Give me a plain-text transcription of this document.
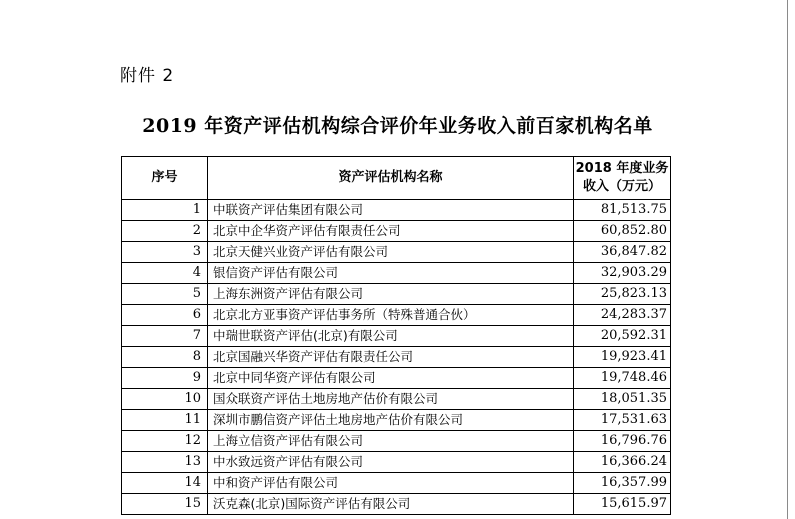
附件 2
2019 年资产评估机构综合评价年业务收入前百家机构名单
序号	资产评估机构名称	2018 年度业务收入（万元）
1	中联资产评估集团有限公司	81,513.75
2	北京中企华资产评估有限责任公司	60,852.80
3	北京天健兴业资产评估有限公司	36,847.82
4	银信资产评估有限公司	32,903.29
5	上海东洲资产评估有限公司	25,823.13
6	北京北方亚事资产评估事务所（特殊普通合伙）	24,283.37
7	中瑞世联资产评估(北京)有限公司	20,592.31
8	北京国融兴华资产评估有限责任公司	19,923.41
9	北京中同华资产评估有限公司	19,748.46
10	国众联资产评估土地房地产估价有限公司	18,051.35
11	深圳市鹏信资产评估土地房地产估价有限公司	17,531.63
12	上海立信资产评估有限公司	16,796.76
13	中水致远资产评估有限公司	16,366.24
14	中和资产评估有限公司	16,357.99
15	沃克森(北京)国际资产评估有限公司	15,615.97
